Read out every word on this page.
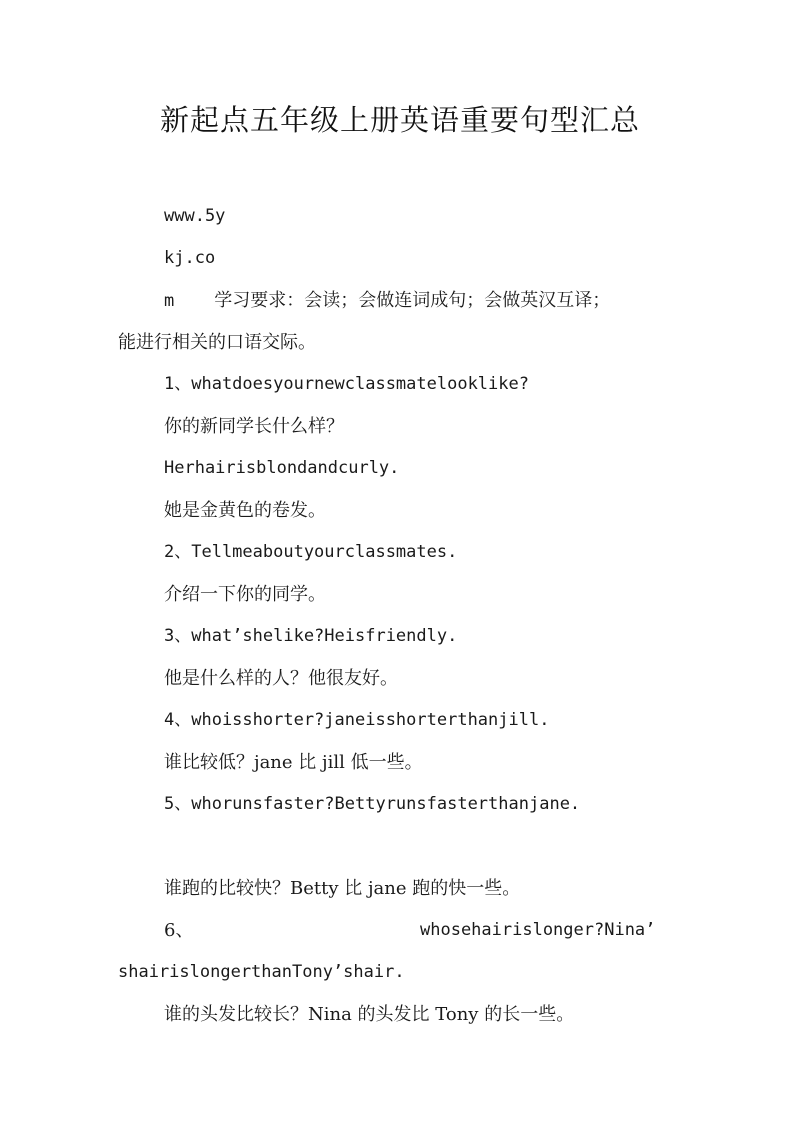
新起点五年级上册英语重要句型汇总
www.5y
kj.co
m 学习要求：会读；会做连词成句；会做英汉互译；
能进行相关的口语交际。
1、whatdoesyournewclassmatelooklike?
你的新同学长什么样？
Herhairisblondandcurly.
她是金黄色的卷发。
2、Tellmeaboutyourclassmates.
介绍一下你的同学。
3、what’shelike?Heisfriendly.
他是什么样的人？他很友好。
4、whoisshorter?janeisshorterthanjill.
谁比较低？jane 比 jill 低一些。
5、whorunsfaster?Bettyrunsfasterthanjane.
谁跑的比较快？Betty 比 jane 跑的快一些。
6、	whosehairislonger?Nina’
shairislongerthanTony’shair.
谁的头发比较长？Nina 的头发比 Tony 的长一些。
